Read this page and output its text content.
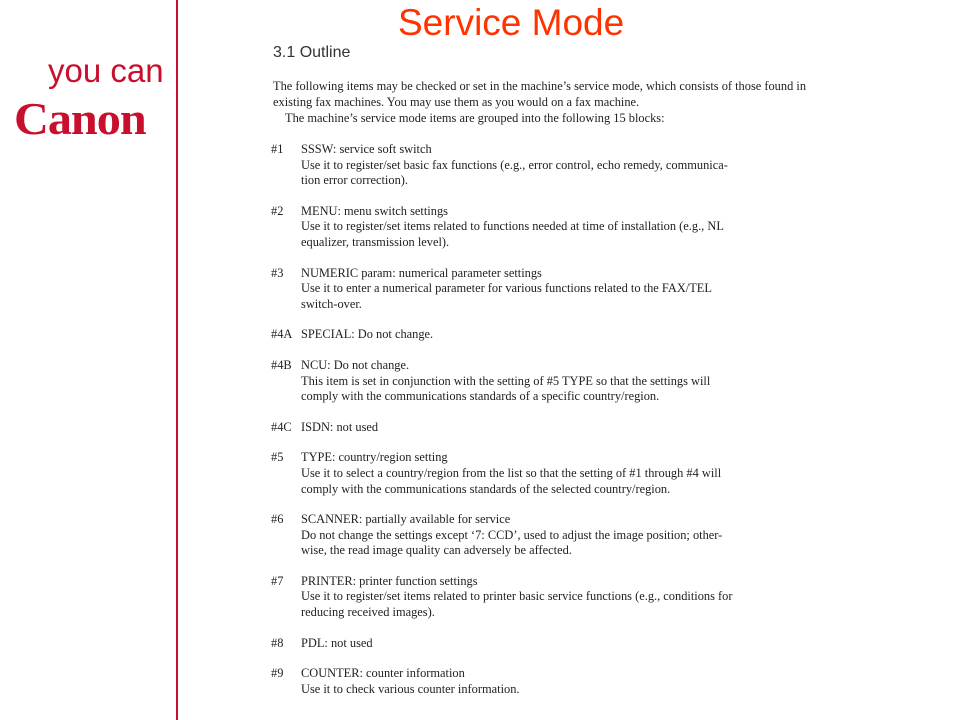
you can
Canon
Service Mode
3.1 Outline

The following items may be checked or set in the machine’s service mode, which consists of those found in existing fax machines. You may use them as you would on a fax machine.

The machine’s service mode items are grouped into the following 15 blocks:

#1	SSSW: service soft switch
Use it to register/set basic fax functions (e.g., error control, echo remedy, communica-
tion error correction).
#2	MENU: menu switch settings
Use it to register/set items related to functions needed at time of installation (e.g., NL
equalizer, transmission level).
#3	NUMERIC param: numerical parameter settings
Use it to enter a numerical parameter for various functions related to the FAX/TEL
switch-over.
#4A SPECIAL: Do not change.
#4B NCU: Do not change.
This item is set in conjunction with the setting of #5 TYPE so that the settings will
comply with the communications standards of a specific country/region.
#4C ISDN: not used
#5	TYPE: country/region setting
Use it to select a country/region from the list so that the setting of #1 through #4 will
comply with the communications standards of the selected country/region.
#6	SCANNER: partially available for service
Do not change the settings except ‘7: CCD’, used to adjust the image position; other-
wise, the read image quality can adversely be affected.
#7	PRINTER: printer function settings
Use it to register/set items related to printer basic service functions (e.g., conditions for
reducing received images).
#8	PDL: not used
#9	COUNTER: counter information
Use it to check various counter information.
